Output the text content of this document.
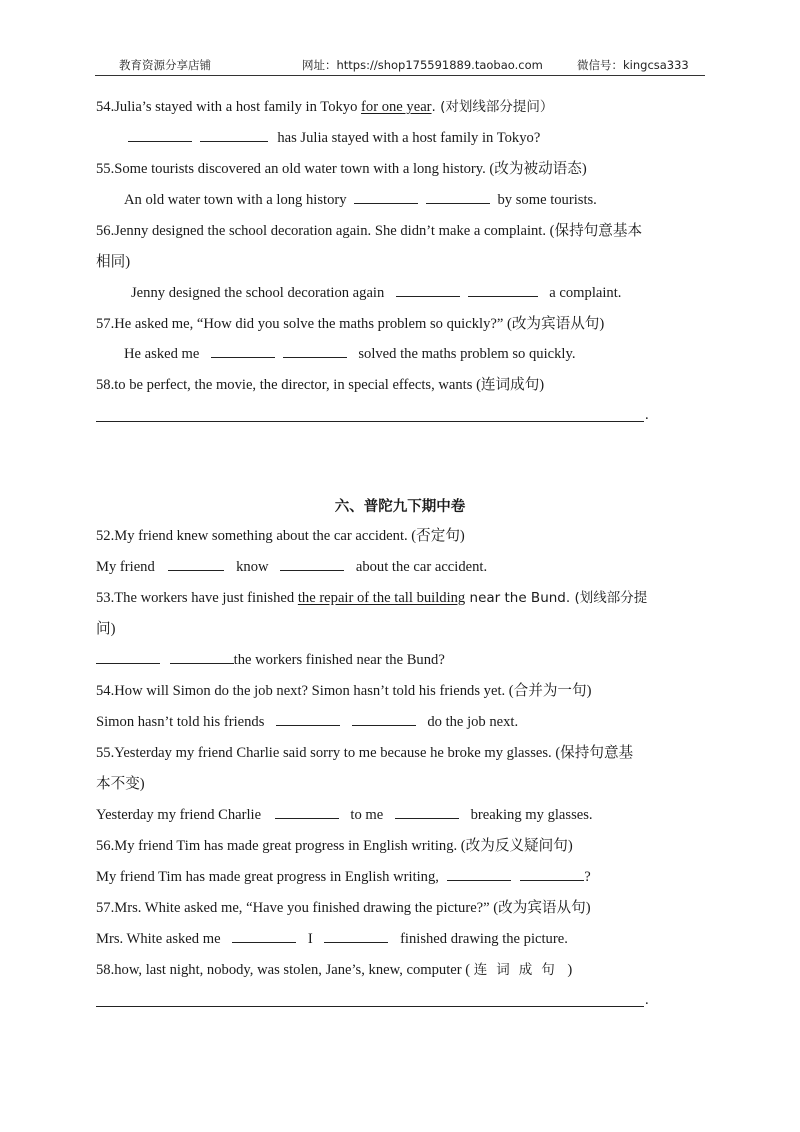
教育资源分享店铺	网址：https://shop175591889.taobao.com	微信号：kingcsa333
54.Julia’s stayed with a host family in Tokyo for one year. (对划线部分提问）
has Julia stayed with a host family in Tokyo?
55.Some tourists discovered an old water town with a long history. (改为被动语态)
An old water town with a long history	by some tourists.
56.Jenny designed the school decoration again. She didn’t make a complaint. (保持句意基本
相同)
Jenny designed the school decoration again	a complaint.
57.He asked me, “How did you solve the maths problem so quickly?” (改为宾语从句)
He asked me	solved the maths problem so quickly.
58.to be perfect, the movie, the director, in special effects, wants (连词成句)
.
六、普陀九下期中卷
52.My friend knew something about the car accident. (否定句)
My friend	know	about the car accident.
53.The workers have just finished the repair of the tall building near the Bund. (划线部分提
问)
the workers finished near the Bund?
54.How will Simon do the job next? Simon hasn’t told his friends yet. (合并为一句)
Simon hasn’t told his friends	do the job next.
55.Yesterday my friend Charlie said sorry to me because he broke my glasses. (保持句意基
本不变)
Yesterday my friend Charlie	to me	breaking my glasses.
56.My friend Tim has made great progress in English writing. (改为反义疑问句)
My friend Tim has made great progress in English writing,	?
57.Mrs. White asked me, “Have you finished drawing the picture?” (改为宾语从句)
Mrs. White asked me	I	finished drawing the picture.
58.how, last night, nobody, was stolen, Jane’s, knew, computer ( 连词成句 )
.
